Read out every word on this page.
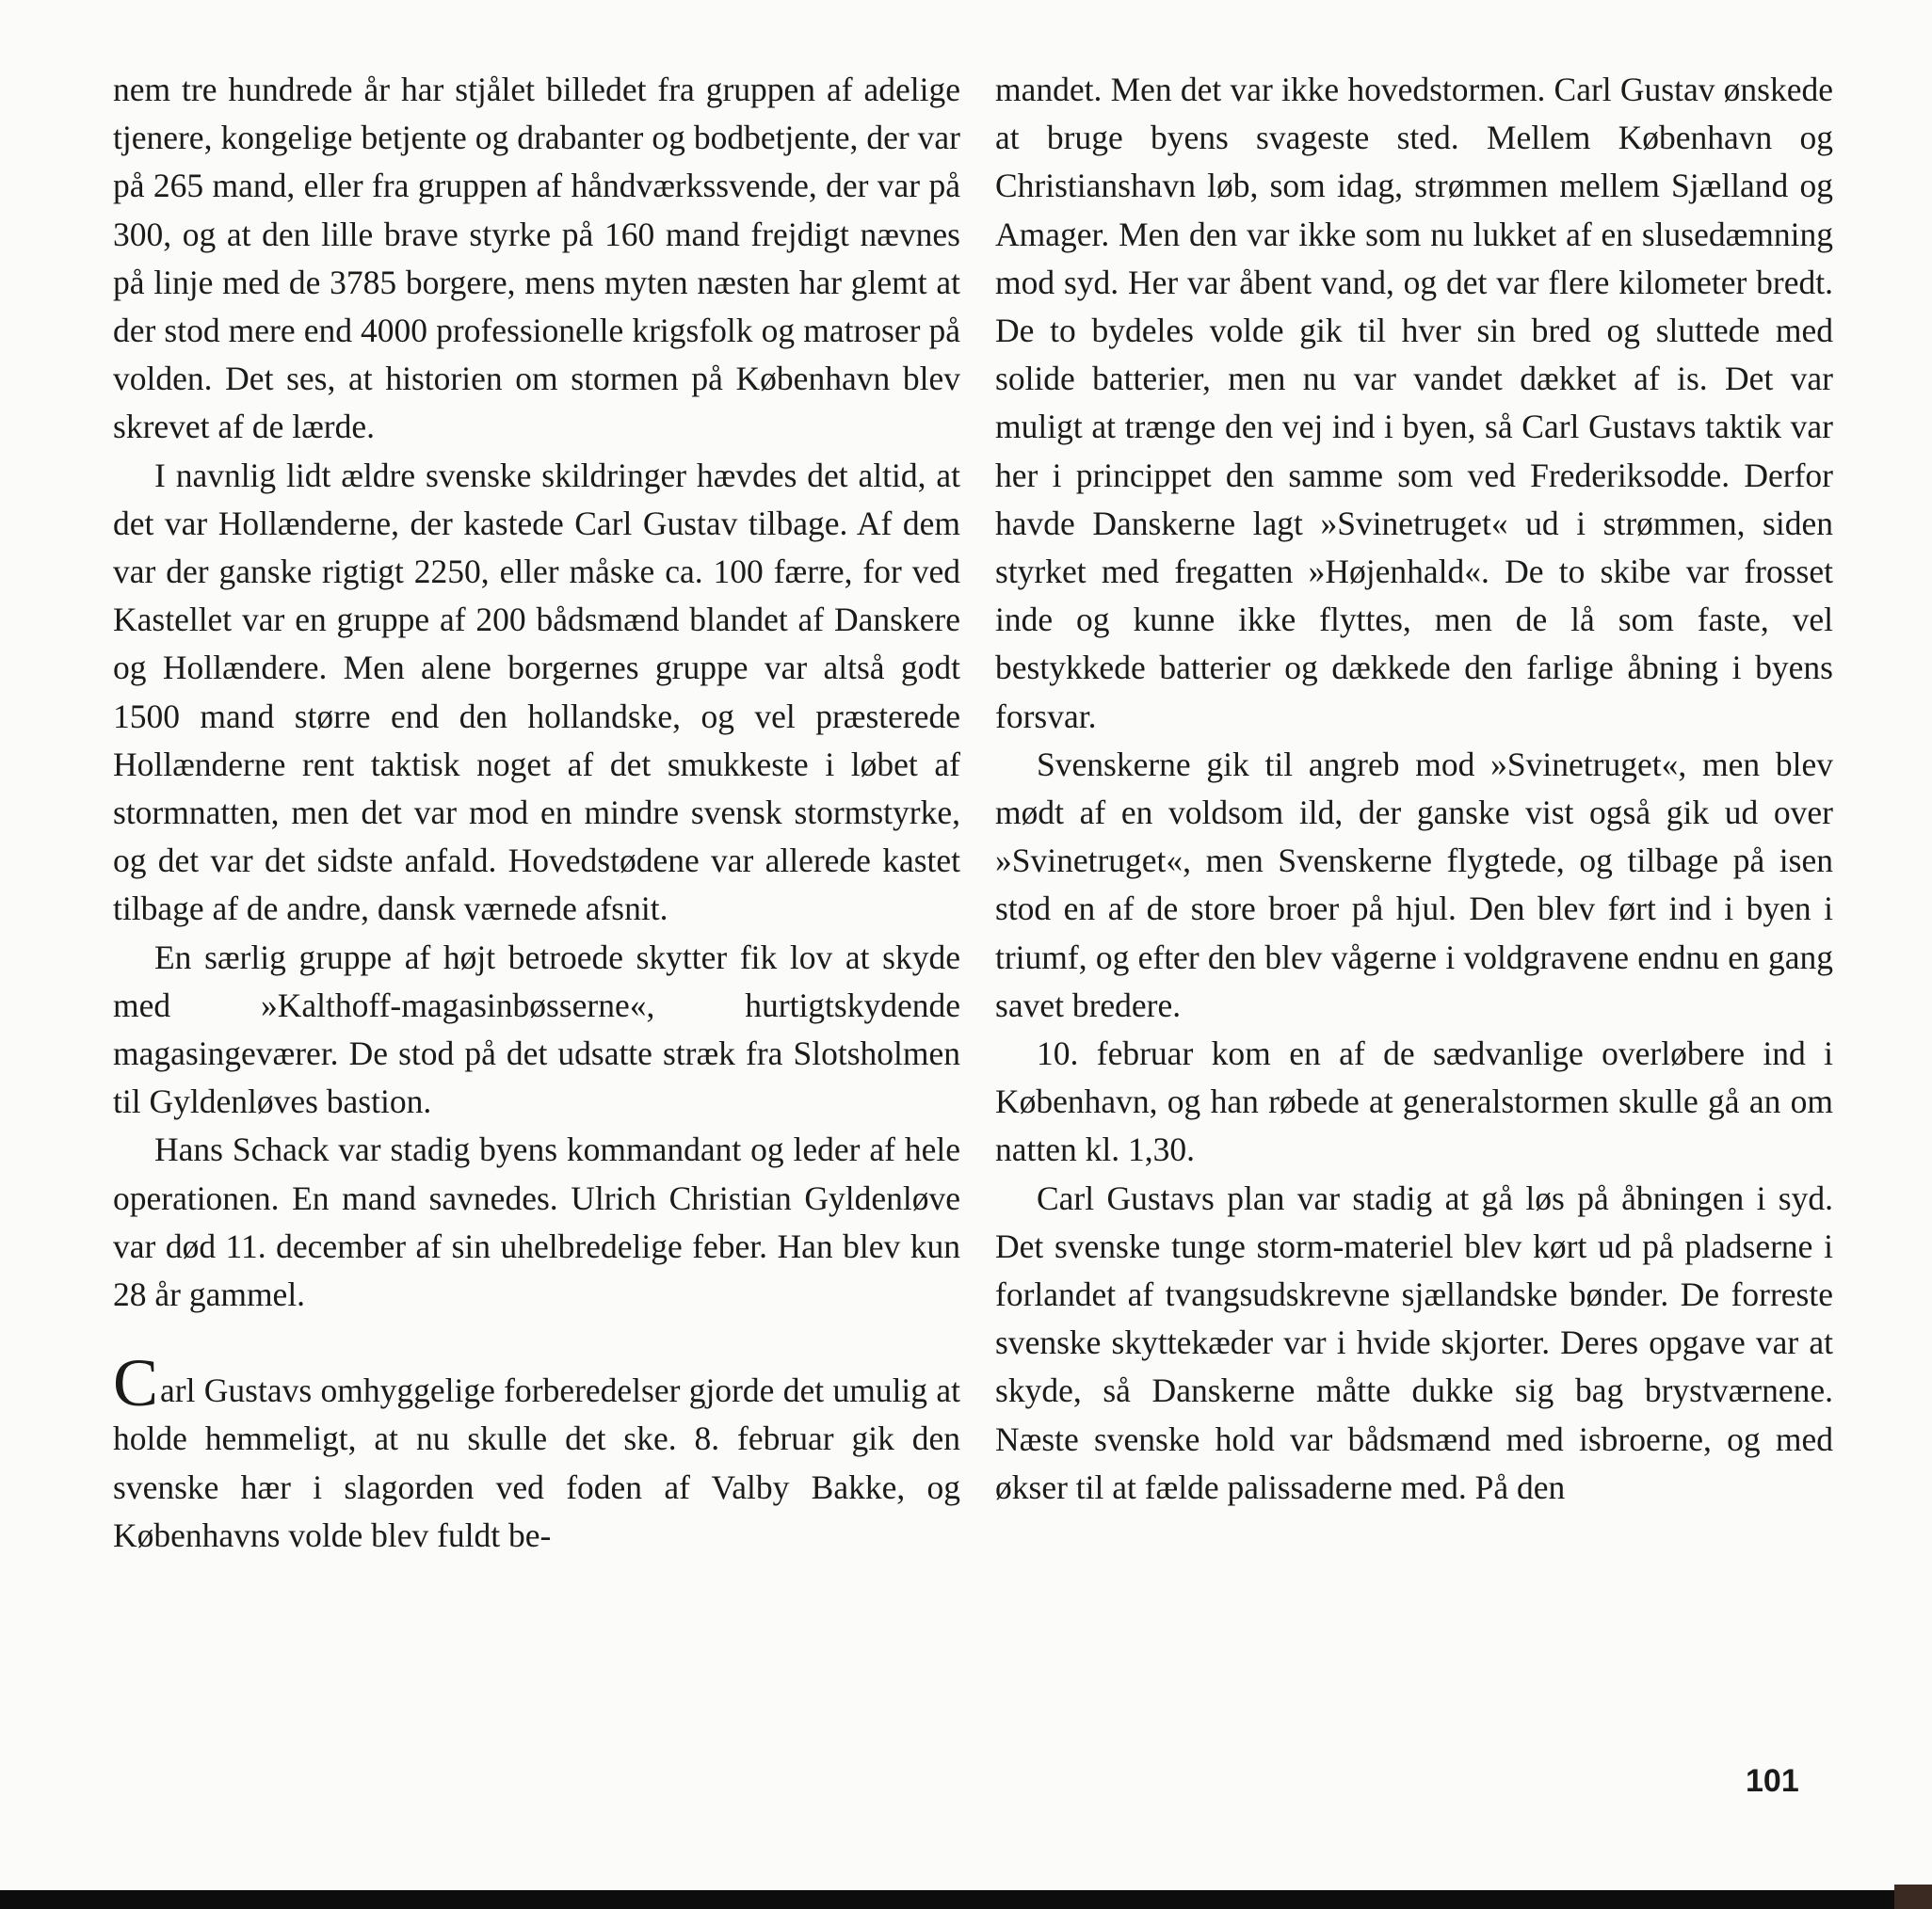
nem tre hundrede år har stjålet billedet fra gruppen af adelige tjenere, kongelige betjente og drabanter og bodbetjente, der var på 265 mand, eller fra gruppen af håndværkssvende, der var på 300, og at den lille brave styrke på 160 mand frejdigt nævnes på linje med de 3785 borgere, mens myten næsten har glemt at der stod mere end 4000 professionelle krigsfolk og matroser på volden. Det ses, at historien om stormen på København blev skrevet af de lærde.

I navnlig lidt ældre svenske skildringer hævdes det altid, at det var Hollænderne, der kastede Carl Gustav tilbage. Af dem var der ganske rigtigt 2250, eller måske ca. 100 færre, for ved Kastellet var en gruppe af 200 bådsmænd blandet af Danskere og Hollændere. Men alene borgernes gruppe var altså godt 1500 mand større end den hollandske, og vel præsterede Hollænderne rent taktisk noget af det smukkeste i løbet af stormnatten, men det var mod en mindre svensk stormstyrke, og det var det sidste anfald. Hovedstødene var allerede kastet tilbage af de andre, dansk værnede afsnit.

En særlig gruppe af højt betroede skytter fik lov at skyde med »Kalthoff-magasinbøsserne«, hurtigtskydende magasingeværer. De stod på det udsatte stræk fra Slotsholmen til Gyldenløves bastion.

Hans Schack var stadig byens kommandant og leder af hele operationen. En mand savnedes. Ulrich Christian Gyldenløve var død 11. december af sin uhelbredelige feber. Han blev kun 28 år gammel.

Carl Gustavs omhyggelige forberedelser gjorde det umulig at holde hemmeligt, at nu skulle det ske. 8. februar gik den svenske hær i slagorden ved foden af Valby Bakke, og Københavns volde blev fuldt be-

mandet. Men det var ikke hovedstormen. Carl Gustav ønskede at bruge byens svageste sted. Mellem København og Christianshavn løb, som idag, strømmen mellem Sjælland og Amager. Men den var ikke som nu lukket af en slusedæmning mod syd. Her var åbent vand, og det var flere kilometer bredt. De to bydeles volde gik til hver sin bred og sluttede med solide batterier, men nu var vandet dækket af is. Det var muligt at trænge den vej ind i byen, så Carl Gustavs taktik var her i princippet den samme som ved Frederiksodde. Derfor havde Danskerne lagt »Svinetruget« ud i strømmen, siden styrket med fregatten »Højenhald«. De to skibe var frosset inde og kunne ikke flyttes, men de lå som faste, vel bestykkede batterier og dækkede den farlige åbning i byens forsvar.

Svenskerne gik til angreb mod »Svinetruget«, men blev mødt af en voldsom ild, der ganske vist også gik ud over »Svinetruget«, men Svenskerne flygtede, og tilbage på isen stod en af de store broer på hjul. Den blev ført ind i byen i triumf, og efter den blev vågerne i voldgravene endnu en gang savet bredere.

10. februar kom en af de sædvanlige overløbere ind i København, og han røbede at generalstormen skulle gå an om natten kl. 1,30.

Carl Gustavs plan var stadig at gå løs på åbningen i syd. Det svenske tunge storm-materiel blev kørt ud på pladserne i forlandet af tvangsudskrevne sjællandske bønder. De forreste svenske skyttekæder var i hvide skjorter. Deres opgave var at skyde, så Danskerne måtte dukke sig bag brystværnene. Næste svenske hold var bådsmænd med isbroerne, og med økser til at fælde palissaderne med. På den

101
